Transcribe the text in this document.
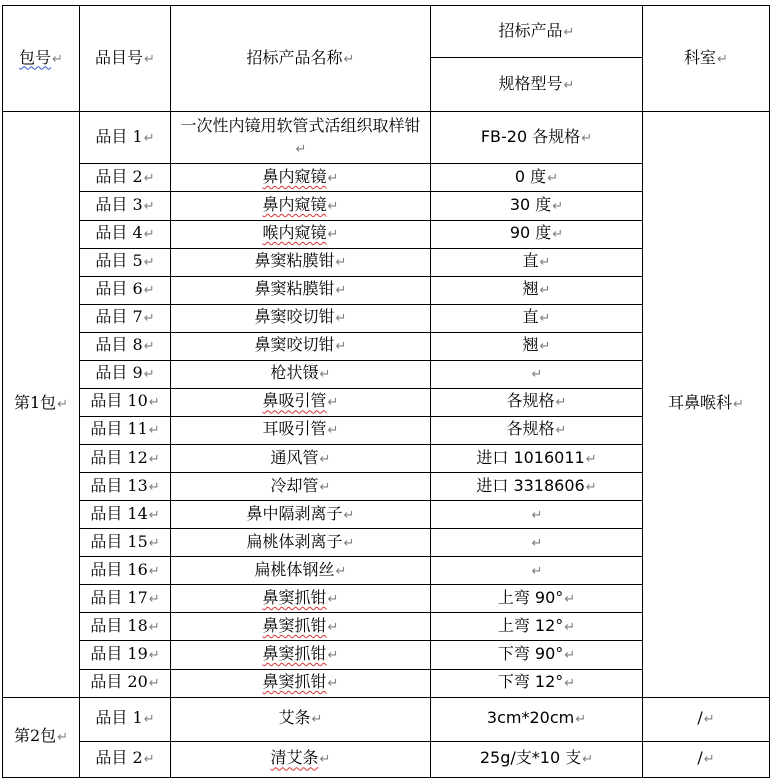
包号↵	品目号↵	招标产品名称↵	招标产品↵	科室↵
			规格型号↵	
第1包↵	品目 1↵	一次性内镜用软管式活组织取样钳
↵	FB-20 各规格↵	耳鼻喉科↵
	品目 2↵	鼻内窥镜↵	0 度↵	
	品目 3↵	鼻内窥镜↵	30 度↵	
	品目 4↵	喉内窥镜↵	90 度↵	
	品目 5↵	鼻窦粘膜钳↵	直↵	
	品目 6↵	鼻窦粘膜钳↵	翘↵	
	品目 7↵	鼻窦咬切钳↵	直↵	
	品目 8↵	鼻窦咬切钳↵	翘↵	
	品目 9↵	枪状镊↵	↵	
	品目 10↵	鼻吸引管↵	各规格↵	
	品目 11↵	耳吸引管↵	各规格↵	
	品目 12↵	通风管↵	进口 1016011↵	
	品目 13↵	冷却管↵	进口 3318606↵	
	品目 14↵	鼻中隔剥离子↵	↵	
	品目 15↵	扁桃体剥离子↵	↵	
	品目 16↵	扁桃体钢丝↵	↵	
	品目 17↵	鼻窦抓钳↵	上弯 90°↵	
	品目 18↵	鼻窦抓钳↵	上弯 12°↵	
	品目 19↵	鼻窦抓钳↵	下弯 90°↵	
	品目 20↵	鼻窦抓钳↵	下弯 12°↵	
第2包↵	品目 1↵	艾条↵	3cm*20cm↵	/↵
	品目 2↵	清艾条↵	25g/支*10 支↵	/↵
